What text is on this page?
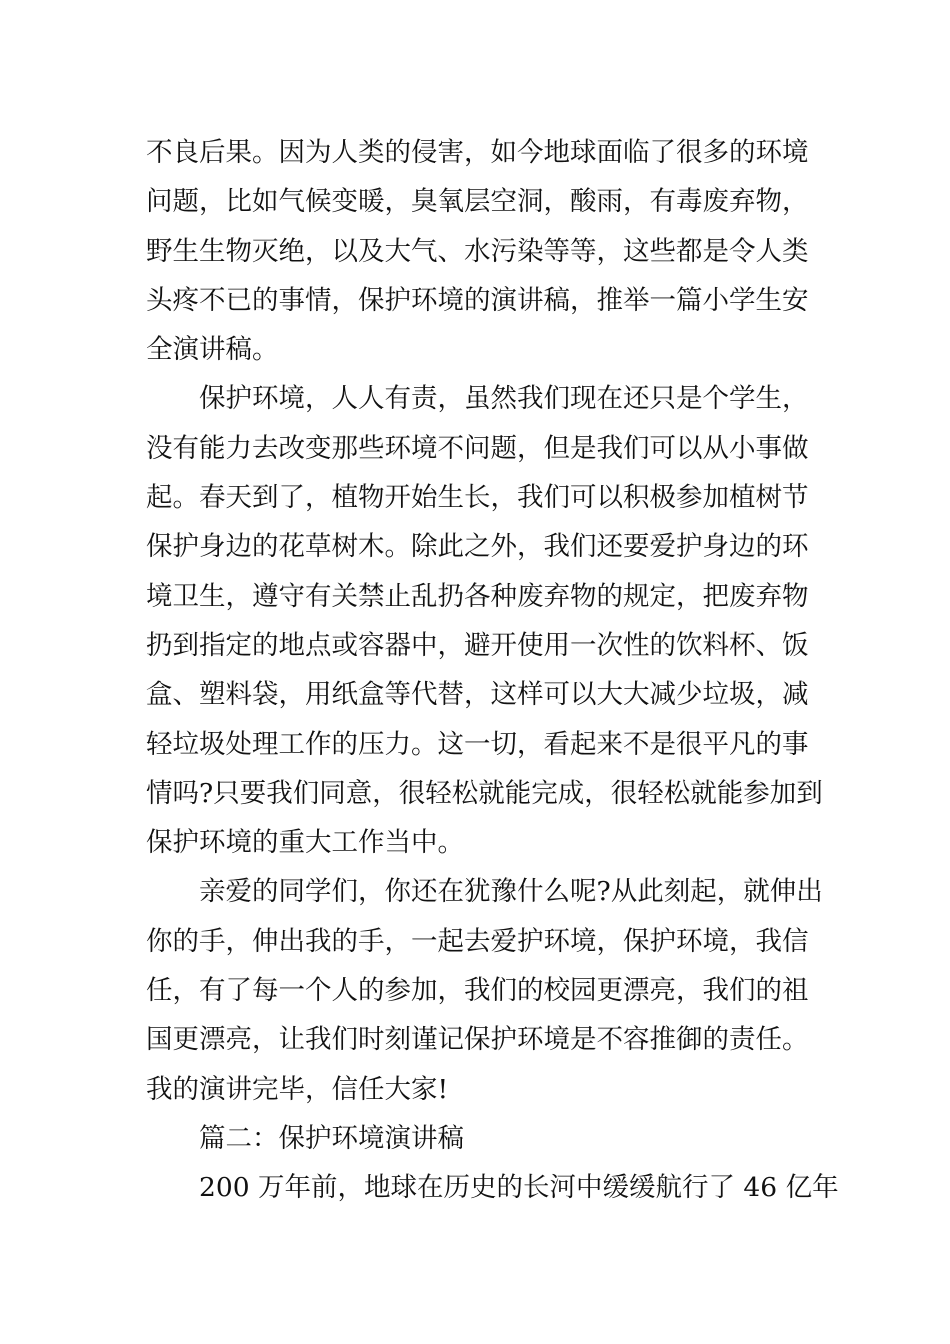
不良后果。因为人类的侵害，如今地球面临了很多的环境
问题，比如气候变暖，臭氧层空洞，酸雨，有毒废弃物，
野生生物灭绝，以及大气、水污染等等，这些都是令人类
头疼不已的事情，保护环境的演讲稿，推举一篇小学生安
全演讲稿。

保护环境，人人有责，虽然我们现在还只是个学生，
没有能力去改变那些环境不问题，但是我们可以从小事做
起。春天到了，植物开始生长，我们可以积极参加植树节
保护身边的花草树木。除此之外，我们还要爱护身边的环
境卫生，遵守有关禁止乱扔各种废弃物的规定，把废弃物
扔到指定的地点或容器中，避开使用一次性的饮料杯、饭
盒、塑料袋，用纸盒等代替，这样可以大大减少垃圾，减
轻垃圾处理工作的压力。这一切，看起来不是很平凡的事
情吗?只要我们同意，很轻松就能完成，很轻松就能参加到
保护环境的重大工作当中。

亲爱的同学们，你还在犹豫什么呢?从此刻起，就伸出
你的手，伸出我的手，一起去爱护环境，保护环境，我信
任，有了每一个人的参加，我们的校园更漂亮，我们的祖
国更漂亮，让我们时刻谨记保护环境是不容推御的责任。
我的演讲完毕，信任大家!

篇二：保护环境演讲稿

200 万年前，地球在历史的长河中缓缓航行了 46 亿年
